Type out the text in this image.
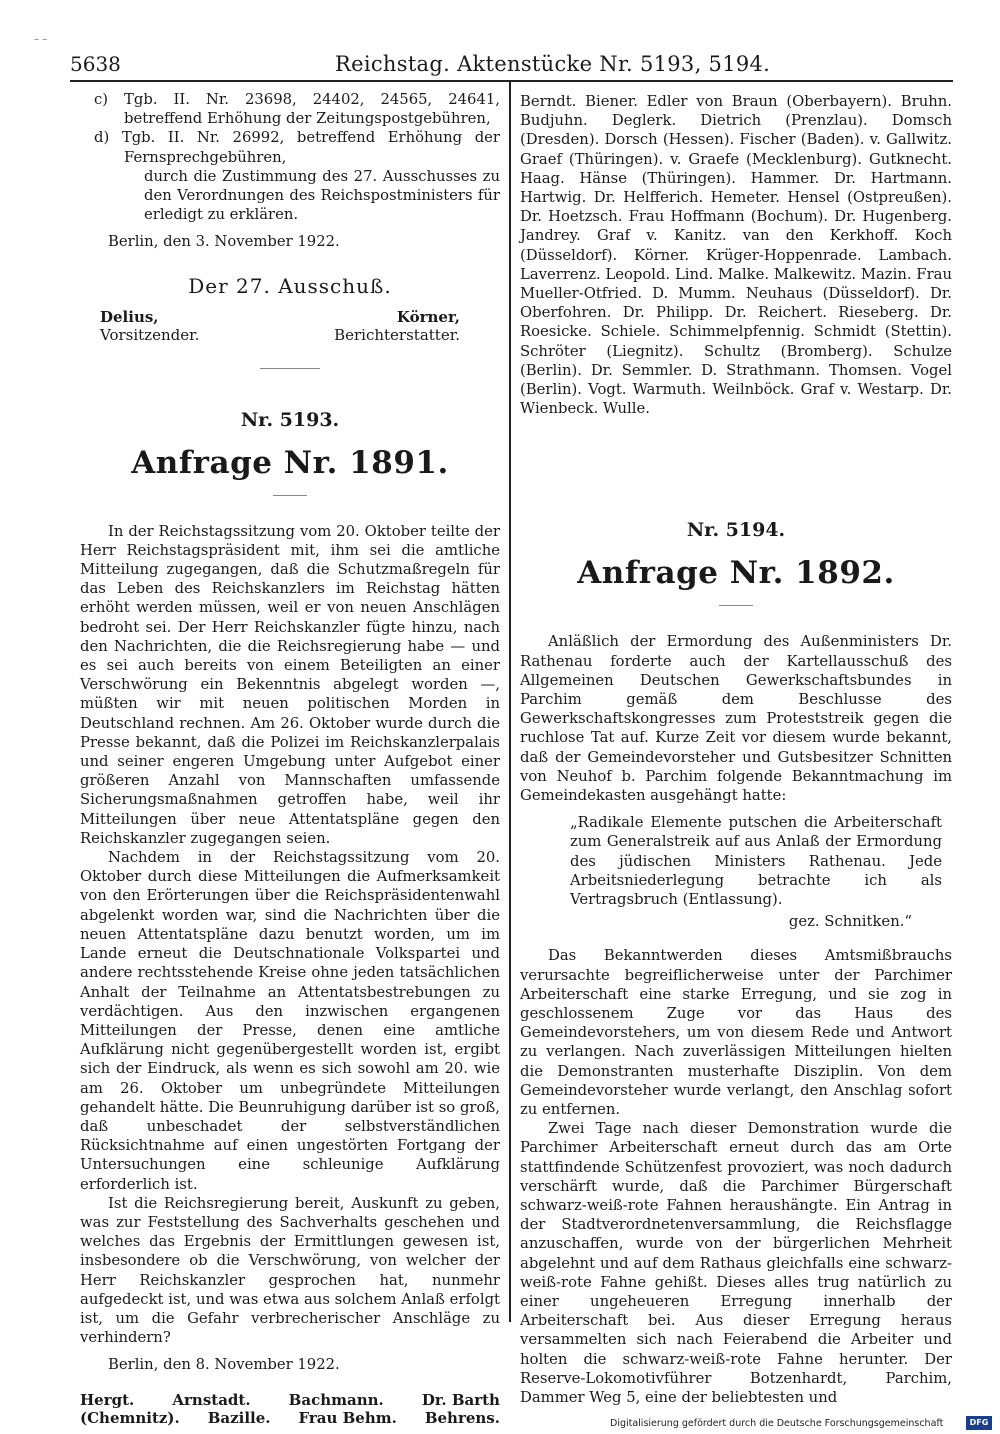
– –
5638	Reichstag. Aktenstücke Nr. 5193, 5194.

c) Tgb. II. Nr. 23698, 24402, 24565, 24641, betreffend Erhöhung der Zeitungspostgebühren,

d) Tgb. II. Nr. 26992, betreffend Erhöhung der Fernsprechgebühren,

durch die Zustimmung des 27. Ausschusses zu den Verordnungen des Reichspostministers für erledigt zu erklären.

Berlin, den 3. November 1922.

Der 27. Ausschuß.
Delius,	Körner,
Vorsitzender.	Berichterstatter.

Nr. 5193.

Anfrage Nr. 1891.

In der Reichstagssitzung vom 20. Oktober teilte der Herr Reichstagspräsident mit, ihm sei die amtliche Mitteilung zugegangen, daß die Schutzmaßregeln für das Leben des Reichskanzlers im Reichstag hätten erhöht werden müssen, weil er von neuen Anschlägen bedroht sei. Der Herr Reichskanzler fügte hinzu, nach den Nachrichten, die die Reichsregierung habe — und es sei auch bereits von einem Beteiligten an einer Verschwörung ein Bekenntnis abgelegt worden —, müßten wir mit neuen politischen Morden in Deutschland rechnen. Am 26. Oktober wurde durch die Presse bekannt, daß die Polizei im Reichskanzlerpalais und seiner engeren Umgebung unter Aufgebot einer größeren Anzahl von Mannschaften umfassende Sicherungsmaßnahmen getroffen habe, weil ihr Mitteilungen über neue Attentatspläne gegen den Reichskanzler zugegangen seien.

Nachdem in der Reichstagssitzung vom 20. Oktober durch diese Mitteilungen die Aufmerksamkeit von den Erörterungen über die Reichspräsidentenwahl abgelenkt worden war, sind die Nachrichten über die neuen Attentatspläne dazu benutzt worden, um im Lande erneut die Deutschnationale Volkspartei und andere rechtsstehende Kreise ohne jeden tatsächlichen Anhalt der Teilnahme an Attentatsbestrebungen zu verdächtigen. Aus den inzwischen ergangenen Mitteilungen der Presse, denen eine amtliche Aufklärung nicht gegenübergestellt worden ist, ergibt sich der Eindruck, als wenn es sich sowohl am 20. wie am 26. Oktober um unbegründete Mitteilungen gehandelt hätte. Die Beunruhigung darüber ist so groß, daß unbeschadet der selbstverständlichen Rücksichtnahme auf einen ungestörten Fortgang der Untersuchungen eine schleunige Aufklärung erforderlich ist.

Ist die Reichsregierung bereit, Auskunft zu geben, was zur Feststellung des Sachverhalts geschehen und welches das Ergebnis der Ermittlungen gewesen ist, insbesondere ob die Verschwörung, von welcher der Herr Reichskanzler gesprochen hat, nunmehr aufgedeckt ist, und was etwa aus solchem Anlaß erfolgt ist, um die Gefahr verbrecherischer Anschläge zu verhindern?

Berlin, den 8. November 1922.

Hergt.	Arnstadt.	Bachmann.	Dr. Barth
(Chemnitz). Bazille. Frau Behm. Behrens.

Berndt. Biener. Edler von Braun (Oberbayern). Bruhn. Budjuhn. Deglerk. Dietrich (Prenzlau). Domsch (Dresden). Dorsch (Hessen). Fischer (Baden). v. Gallwitz. Graef (Thüringen). v. Graefe (Mecklenburg). Gutknecht. Haag. Hänse (Thüringen). Hammer. Dr. Hartmann. Hartwig. Dr. Helfferich. Hemeter. Hensel (Ostpreußen). Dr. Hoetzsch. Frau Hoffmann (Bochum). Dr. Hugenberg. Jandrey. Graf v. Kanitz. van den Kerkhoff. Koch (Düsseldorf). Körner. Krüger-Hoppenrade. Lambach. Laverrenz. Leopold. Lind. Malke. Malkewitz. Mazin. Frau Mueller-Otfried. D. Mumm. Neuhaus (Düsseldorf). Dr. Oberfohren. Dr. Philipp. Dr. Reichert. Rieseberg. Dr. Roesicke. Schiele. Schimmelpfennig. Schmidt (Stettin). Schröter (Liegnitz). Schultz (Bromberg). Schulze (Berlin). Dr. Semmler. D. Strathmann. Thomsen. Vogel (Berlin). Vogt. Warmuth. Weilnböck. Graf v. Westarp. Dr. Wienbeck. Wulle.

Nr. 5194.

Anfrage Nr. 1892.

Anläßlich der Ermordung des Außenministers Dr. Rathenau forderte auch der Kartellausschuß des Allgemeinen Deutschen Gewerkschaftsbundes in Parchim gemäß dem Beschlusse des Gewerkschaftskongresses zum Proteststreik gegen die ruchlose Tat auf. Kurze Zeit vor diesem wurde bekannt, daß der Gemeindevorsteher und Gutsbesitzer Schnitten von Neuhof b. Parchim folgende Bekanntmachung im Gemeindekasten ausgehängt hatte:

„Radikale Elemente putschen die Arbeiterschaft zum Generalstreik auf aus Anlaß der Ermordung des jüdischen Ministers Rathenau. Jede Arbeitsniederlegung betrachte ich als Vertragsbruch (Entlassung).

gez. Schnitken.“

Das Bekanntwerden dieses Amtsmißbrauchs verursachte begreiflicherweise unter der Parchimer Arbeiterschaft eine starke Erregung, und sie zog in geschlossenem Zuge vor das Haus des Gemeindevorstehers, um von diesem Rede und Antwort zu verlangen. Nach zuverlässigen Mitteilungen hielten die Demonstranten musterhafte Disziplin. Von dem Gemeindevorsteher wurde verlangt, den Anschlag sofort zu entfernen.

Zwei Tage nach dieser Demonstration wurde die Parchimer Arbeiterschaft erneut durch das am Orte stattfindende Schützenfest provoziert, was noch dadurch verschärft wurde, daß die Parchimer Bürgerschaft schwarz-weiß-rote Fahnen heraushängte. Ein Antrag in der Stadtverordnetenversammlung, die Reichsflagge anzuschaffen, wurde von der bürgerlichen Mehrheit abgelehnt und auf dem Rathaus gleichfalls eine schwarz-weiß-rote Fahne gehißt. Dieses alles trug natürlich zu einer ungeheueren Erregung innerhalb der Arbeiterschaft bei. Aus dieser Erregung heraus versammelten sich nach Feierabend die Arbeiter und holten die schwarz-weiß-rote Fahne herunter. Der Reserve-Lokomotivführer Botzenhardt, Parchim, Dammer Weg 5, eine der beliebtesten und

Digitalisierung gefördert durch die Deutsche Forschungsgemeinschaft	DFG
